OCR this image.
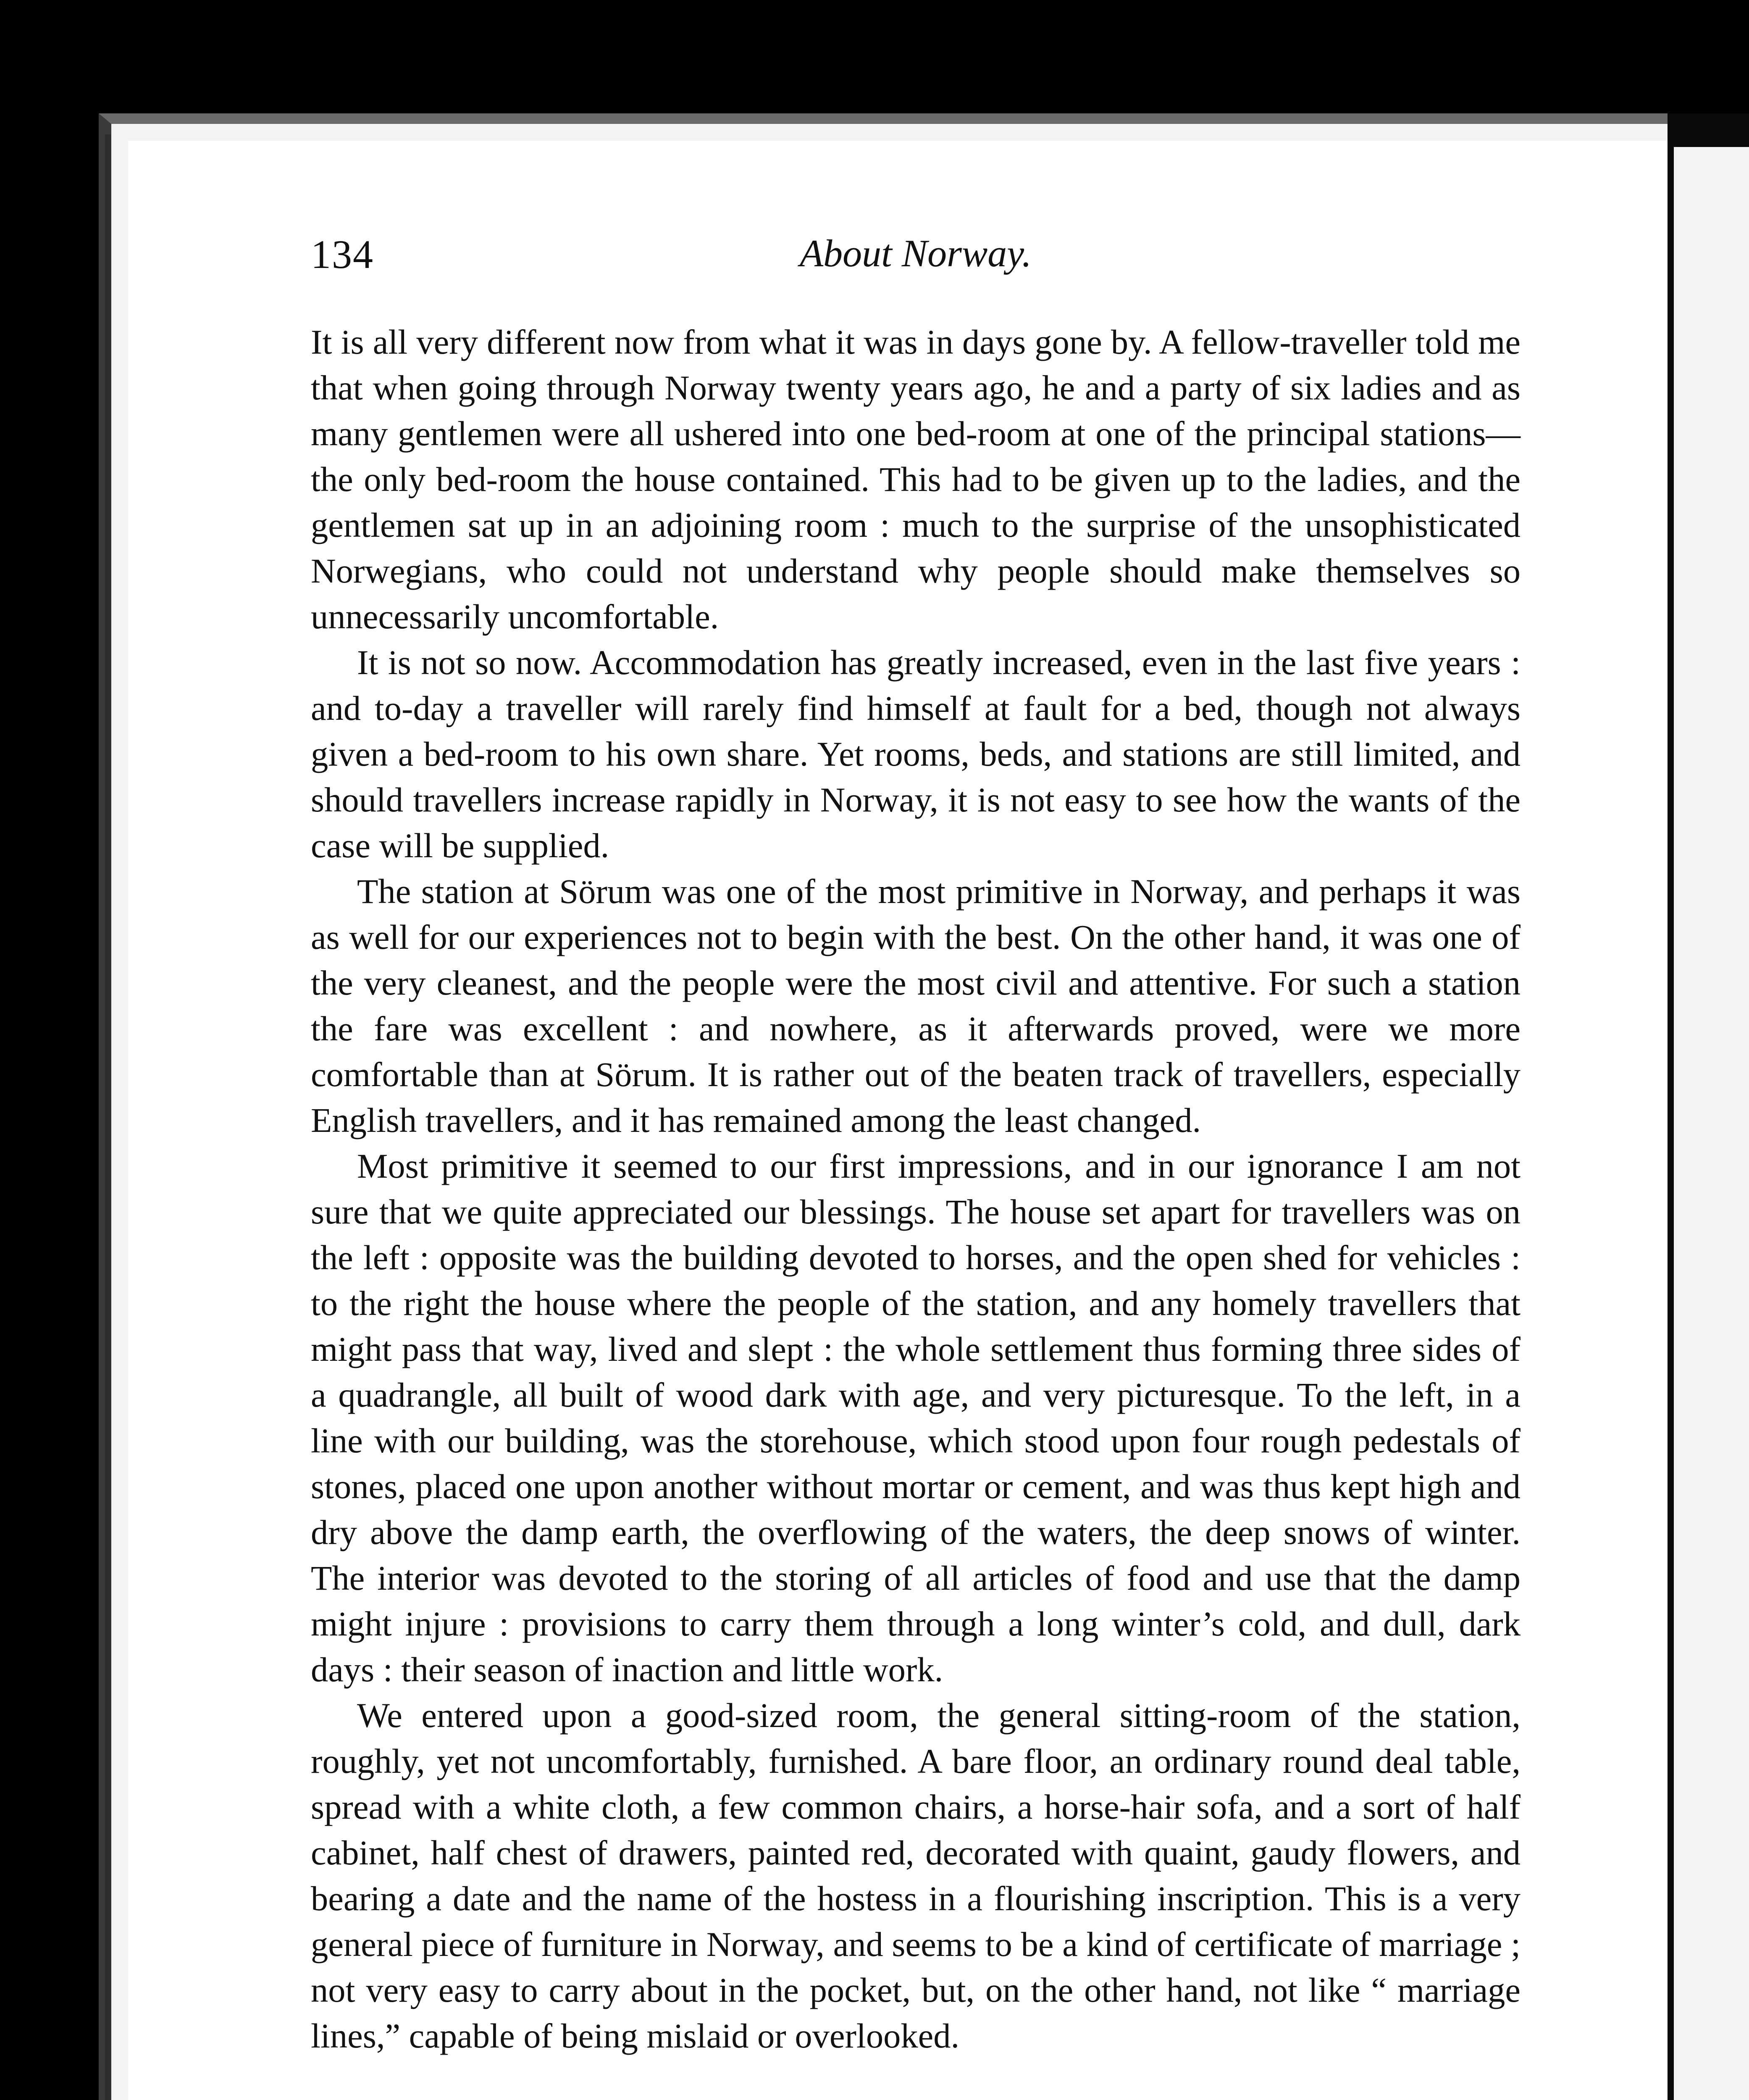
134	About Norway.

It is all very different now from what it was in days gone by. A fellow-traveller told me that when going through Norway twenty years ago, he and a party of six ladies and as many gentlemen were all ushered into one bed-room at one of the principal stations—the only bed-room the house contained. This had to be given up to the ladies, and the gentlemen sat up in an adjoining room : much to the surprise of the unsophisticated Norwegians, who could not understand why people should make themselves so unnecessarily uncomfortable.

It is not so now. Accommodation has greatly increased, even in the last five years : and to-day a traveller will rarely find himself at fault for a bed, though not always given a bed-room to his own share. Yet rooms, beds, and stations are still limited, and should travellers increase rapidly in Norway, it is not easy to see how the wants of the case will be supplied.

The station at Sörum was one of the most primitive in Norway, and perhaps it was as well for our experiences not to begin with the best. On the other hand, it was one of the very cleanest, and the people were the most civil and attentive. For such a station the fare was excellent : and nowhere, as it afterwards proved, were we more comfortable than at Sörum. It is rather out of the beaten track of travellers, especially English travellers, and it has remained among the least changed.

Most primitive it seemed to our first impressions, and in our ignorance I am not sure that we quite appreciated our blessings. The house set apart for travellers was on the left : opposite was the building devoted to horses, and the open shed for vehicles : to the right the house where the people of the station, and any homely travellers that might pass that way, lived and slept : the whole settlement thus forming three sides of a quadrangle, all built of wood dark with age, and very picturesque. To the left, in a line with our building, was the storehouse, which stood upon four rough pedestals of stones, placed one upon another without mortar or cement, and was thus kept high and dry above the damp earth, the overflowing of the waters, the deep snows of winter. The interior was devoted to the storing of all articles of food and use that the damp might injure : provisions to carry them through a long winter’s cold, and dull, dark days : their season of inaction and little work.

We entered upon a good-sized room, the general sitting-room of the station, roughly, yet not uncomfortably, furnished. A bare floor, an ordinary round deal table, spread with a white cloth, a few common chairs, a horse-hair sofa, and a sort of half cabinet, half chest of drawers, painted red, decorated with quaint, gaudy flowers, and bearing a date and the name of the hostess in a flourishing inscription. This is a very general piece of furniture in Norway, and seems to be a kind of certificate of marriage ; not very easy to carry about in the pocket, but, on the other hand, not like “ marriage lines,” capable of being mislaid or overlooked.
